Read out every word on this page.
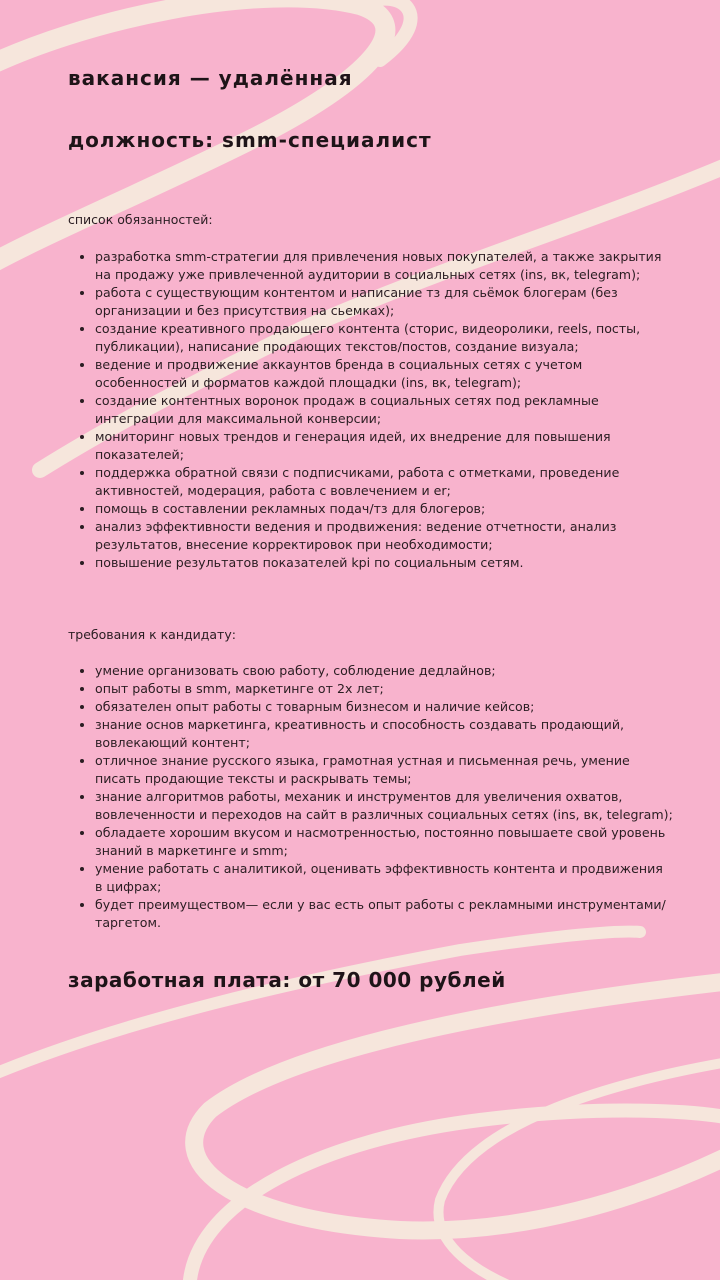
вакансия — удалённая
должность: smm-специалист

список обязанностей:

• разработка smm-стратегии для привлечения новых покупателей, а также закрытия на продажу уже привлеченной аудитории в социальных сетях (ins, вк, telegram);
• работа с существующим контентом и написание тз для сьёмок блогерам (без организации и без присутствия на сьемках);
• создание креативного продающего контента (сторис, видеоролики, reels, посты, публикации), написание продающих текстов/постов, создание визуала;
• ведение и продвижение аккаунтов бренда в социальных сетях с учетом особенностей и форматов каждой площадки (ins, вк, telegram);
• создание контентных воронок продаж в социальных сетях под рекламные интеграции для максимальной конверсии;
• мониторинг новых трендов и генерация идей, их внедрение для повышения показателей;
• поддержка обратной связи с подписчиками, работа с отметками, проведение активностей, модерация, работа с вовлечением и er;
• помощь в составлении рекламных подач/тз для блогеров;
• анализ эффективности ведения и продвижения: ведение отчетности, анализ результатов, внесение корректировок при необходимости;
• повышение результатов показателей kpi по социальным сетям.

требования к кандидату:

• умение организовать свою работу, соблюдение дедлайнов;
• опыт работы в smm, маркетинге от 2х лет;
• обязателен опыт работы с товарным бизнесом и наличие кейсов;
• знание основ маркетинга, креативность и способность создавать продающий, вовлекающий контент;
• отличное знание русского языка, грамотная устная и письменная речь, умение писать продающие тексты и раскрывать темы;
• знание алгоритмов работы, механик и инструментов для увеличения охватов, вовлеченности и переходов на сайт в различных социальных сетях (ins, вк, telegram);
• обладаете хорошим вкусом и насмотренностью, постоянно повышаете свой уровень знаний в маркетинге и smm;
• умение работать с аналитикой, оценивать эффективность контента и продвижения в цифрах;
• будет преимуществом— если у вас есть опыт работы с рекламными инструментами/таргетом.

заработная плата: от 70 000 рублей
